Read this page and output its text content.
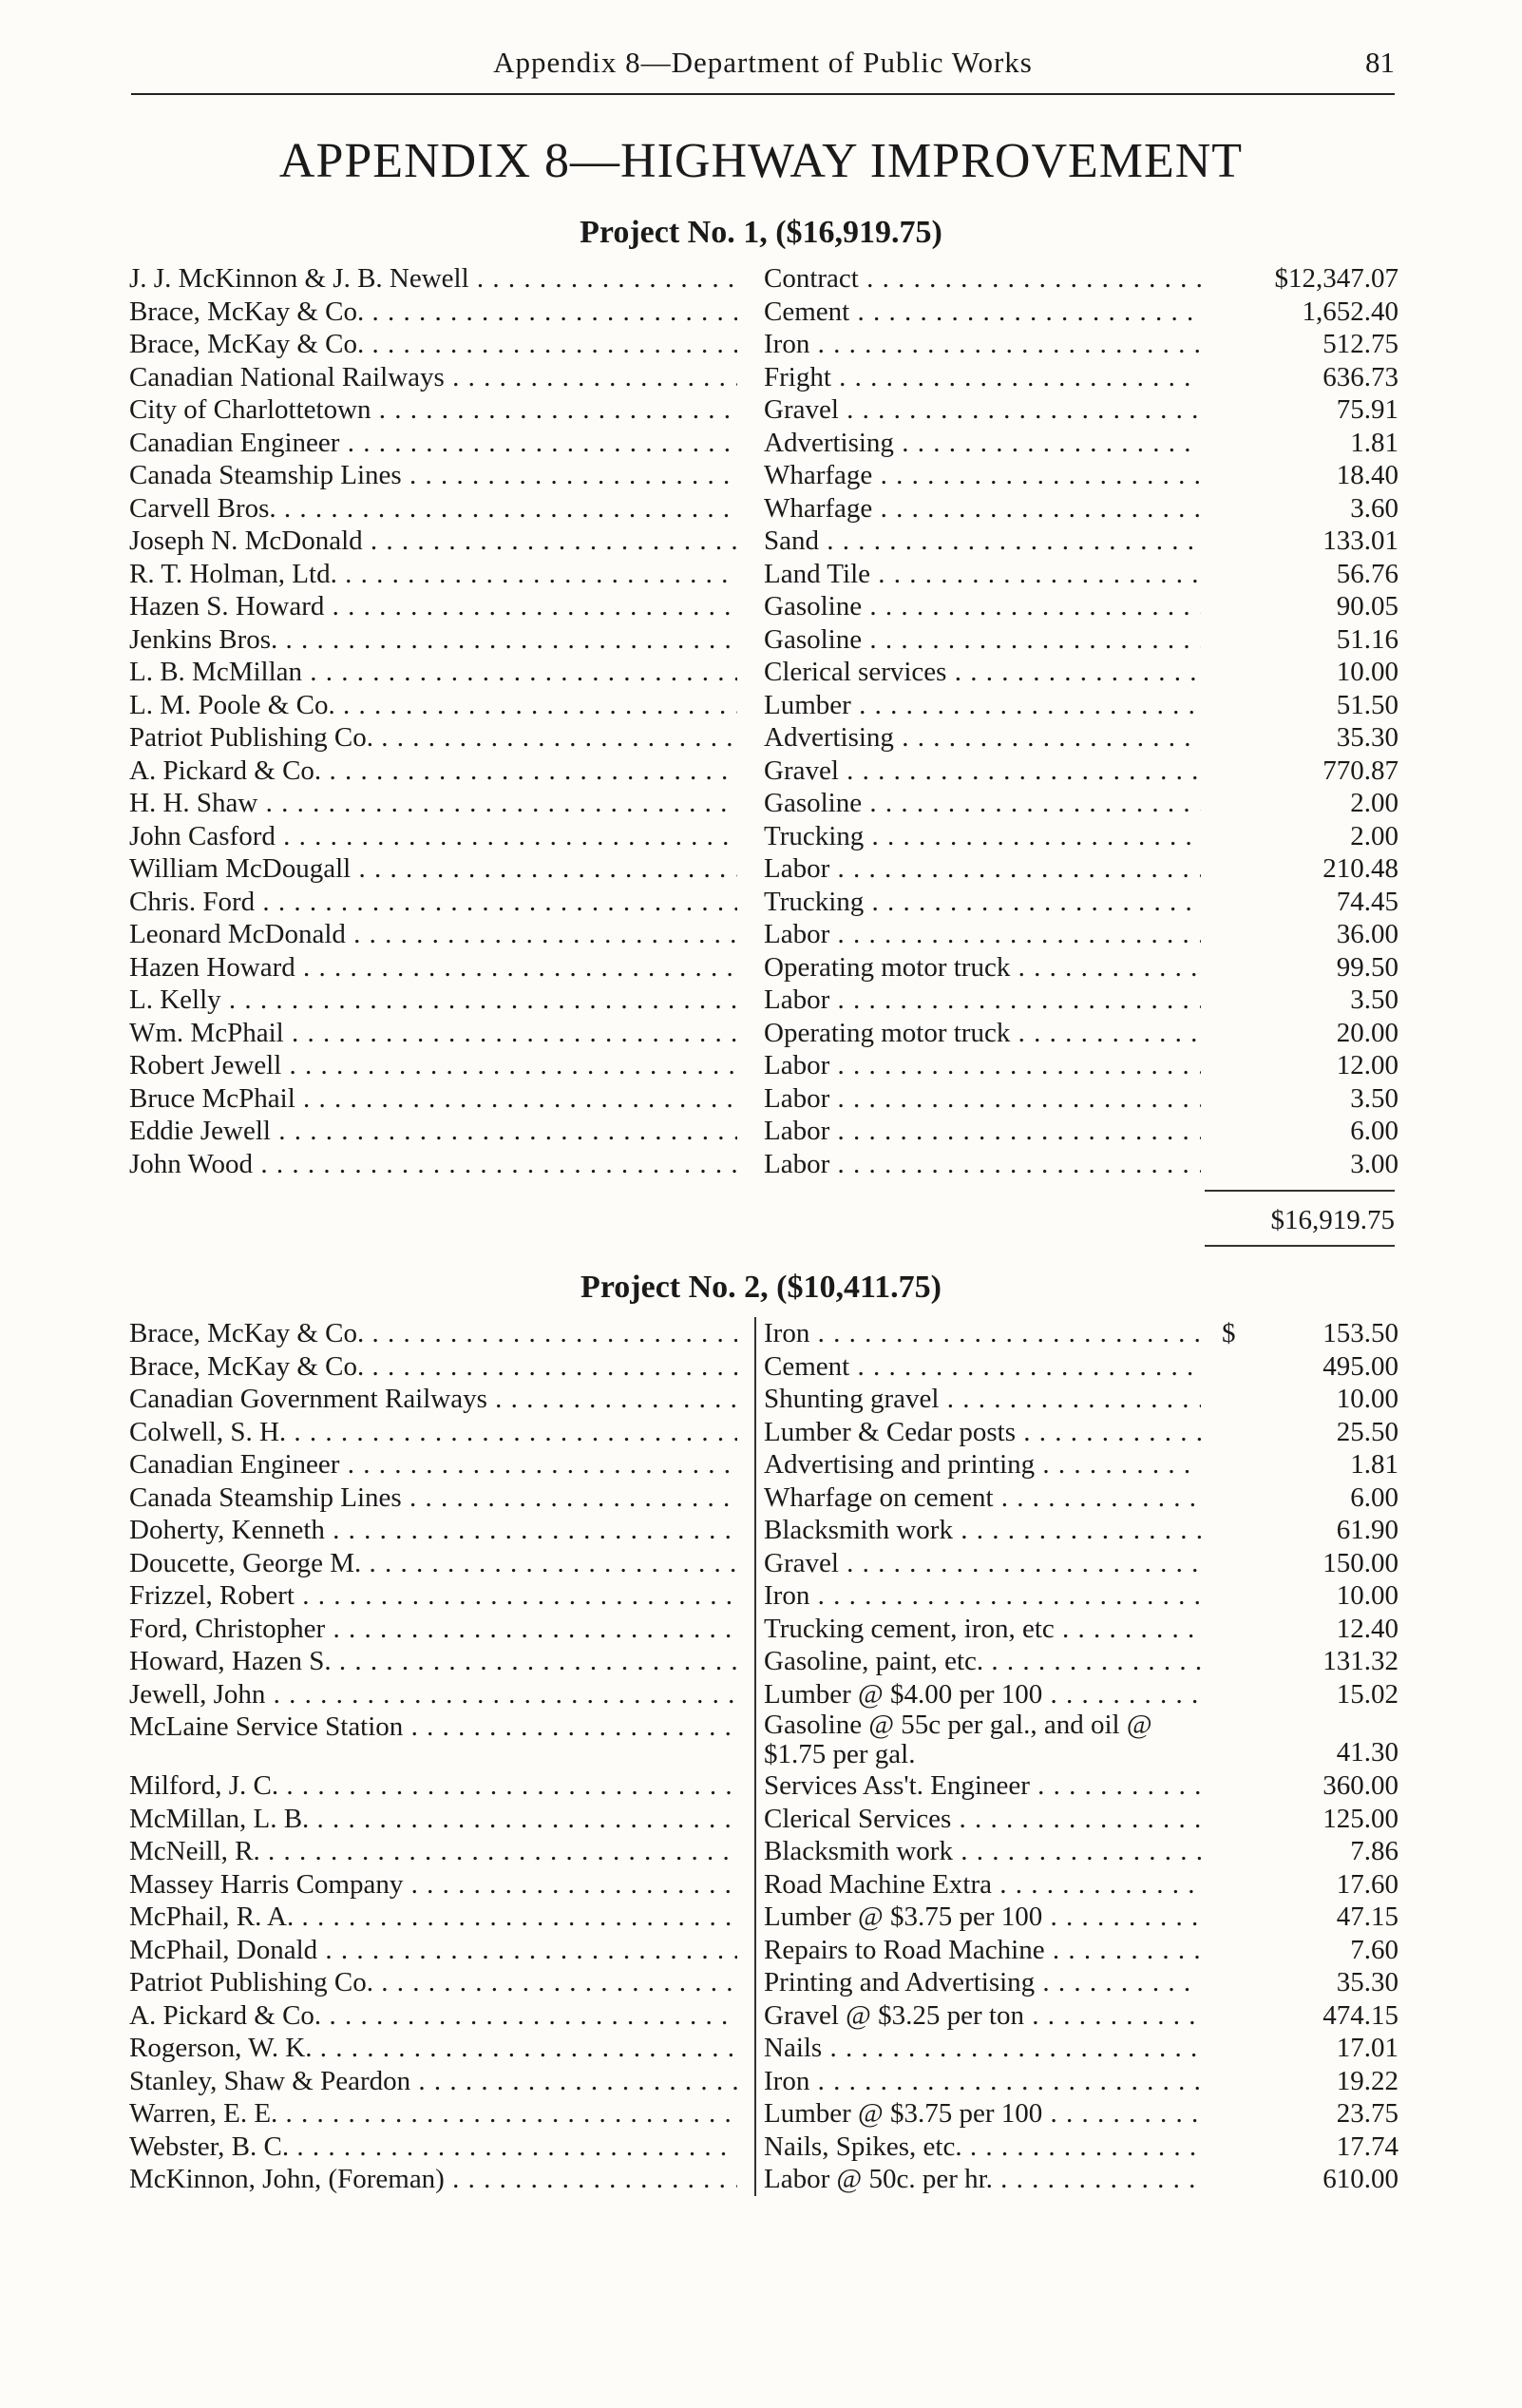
Appendix 8—Department of Public Works	81
APPENDIX 8—HIGHWAY IMPROVEMENT
Project No. 1, ($16,919.75)
J. J. McKinnon & J. B. Newell . . .	Contract . . .	$12,347.07
Brace, McKay & Co. . . .	Cement . . .	1,652.40
Brace, McKay & Co. . . .	Iron . . .	512.75
Canadian National Railways . . .	Fright . . .	636.73
City of Charlottetown . . .	Gravel . . .	75.91
Canadian Engineer . . .	Advertising . . .	1.81
Canada Steamship Lines . . .	Wharfage . . .	18.40
Carvell Bros. . . .	Wharfage . . .	3.60
Joseph N. McDonald . . .	Sand . . .	133.01
R. T. Holman, Ltd. . . .	Land Tile . . .	56.76
Hazen S. Howard . . .	Gasoline . . .	90.05
Jenkins Bros. . . .	Gasoline . . .	51.16
L. B. McMillan . . .	Clerical services . . .	10.00
L. M. Poole & Co. . . .	Lumber . . .	51.50
Patriot Publishing Co. . . .	Advertising . . .	35.30
A. Pickard & Co. . . .	Gravel . . .	770.87
H. H. Shaw . . .	Gasoline . . .	2.00
John Casford . . .	Trucking . . .	2.00
William McDougall . . .	Labor . . .	210.48
Chris. Ford . . .	Trucking . . .	74.45
Leonard McDonald . . .	Labor . . .	36.00
Hazen Howard . . .	Operating motor truck . . .	99.50
L. Kelly . . .	Labor . . .	3.50
Wm. McPhail . . .	Operating motor truck . . .	20.00
Robert Jewell . . .	Labor . . .	12.00
Bruce McPhail . . .	Labor . . .	3.50
Eddie Jewell . . .	Labor . . .	6.00
John Wood . . .	Labor . . .	3.00
$16,919.75
Project No. 2, ($10,411.75)
Brace, McKay & Co. . . .	Iron . . .	$	153.50
Brace, McKay & Co. . . .	Cement . . .	495.00
Canadian Government Railways . . .	Shunting gravel . . .	10.00
Colwell, S. H. . . .	Lumber & Cedar posts . . .	25.50
Canadian Engineer . . .	Advertising and printing . . .	1.81
Canada Steamship Lines . . .	Wharfage on cement . . .	6.00
Doherty, Kenneth . . .	Blacksmith work . . .	61.90
Doucette, George M. . . .	Gravel . . .	150.00
Frizzel, Robert . . .	Iron . . .	10.00
Ford, Christopher . . .	Trucking cement, iron, etc . . .	12.40
Howard, Hazen S. . . .	Gasoline, paint, etc. . . .	131.32
Jewell, John . . .	Lumber @ $4.00 per 100 . . .	15.02
McLaine Service Station . . .	Gasoline @ 55c per gal., and oil @ $1.75 per gal.	41.30
Milford, J. C. . . .	Services Ass't. Engineer . . .	360.00
McMillan, L. B. . . .	Clerical Services . . .	125.00
McNeill, R. . . .	Blacksmith work . . .	7.86
Massey Harris Company . . .	Road Machine Extra . . .	17.60
McPhail, R. A. . . .	Lumber @ $3.75 per 100 . . .	47.15
McPhail, Donald . . .	Repairs to Road Machine . . .	7.60
Patriot Publishing Co. . . .	Printing and Advertising . . .	35.30
A. Pickard & Co. . . .	Gravel @ $3.25 per ton . . .	474.15
Rogerson, W. K. . . .	Nails . . .	17.01
Stanley, Shaw & Peardon . . .	Iron . . .	19.22
Warren, E. E. . . .	Lumber @ $3.75 per 100 . . .	23.75
Webster, B. C. . . .	Nails, Spikes, etc. . . .	17.74
McKinnon, John, (Foreman) . . .	Labor @ 50c. per hr. . . .	610.00
